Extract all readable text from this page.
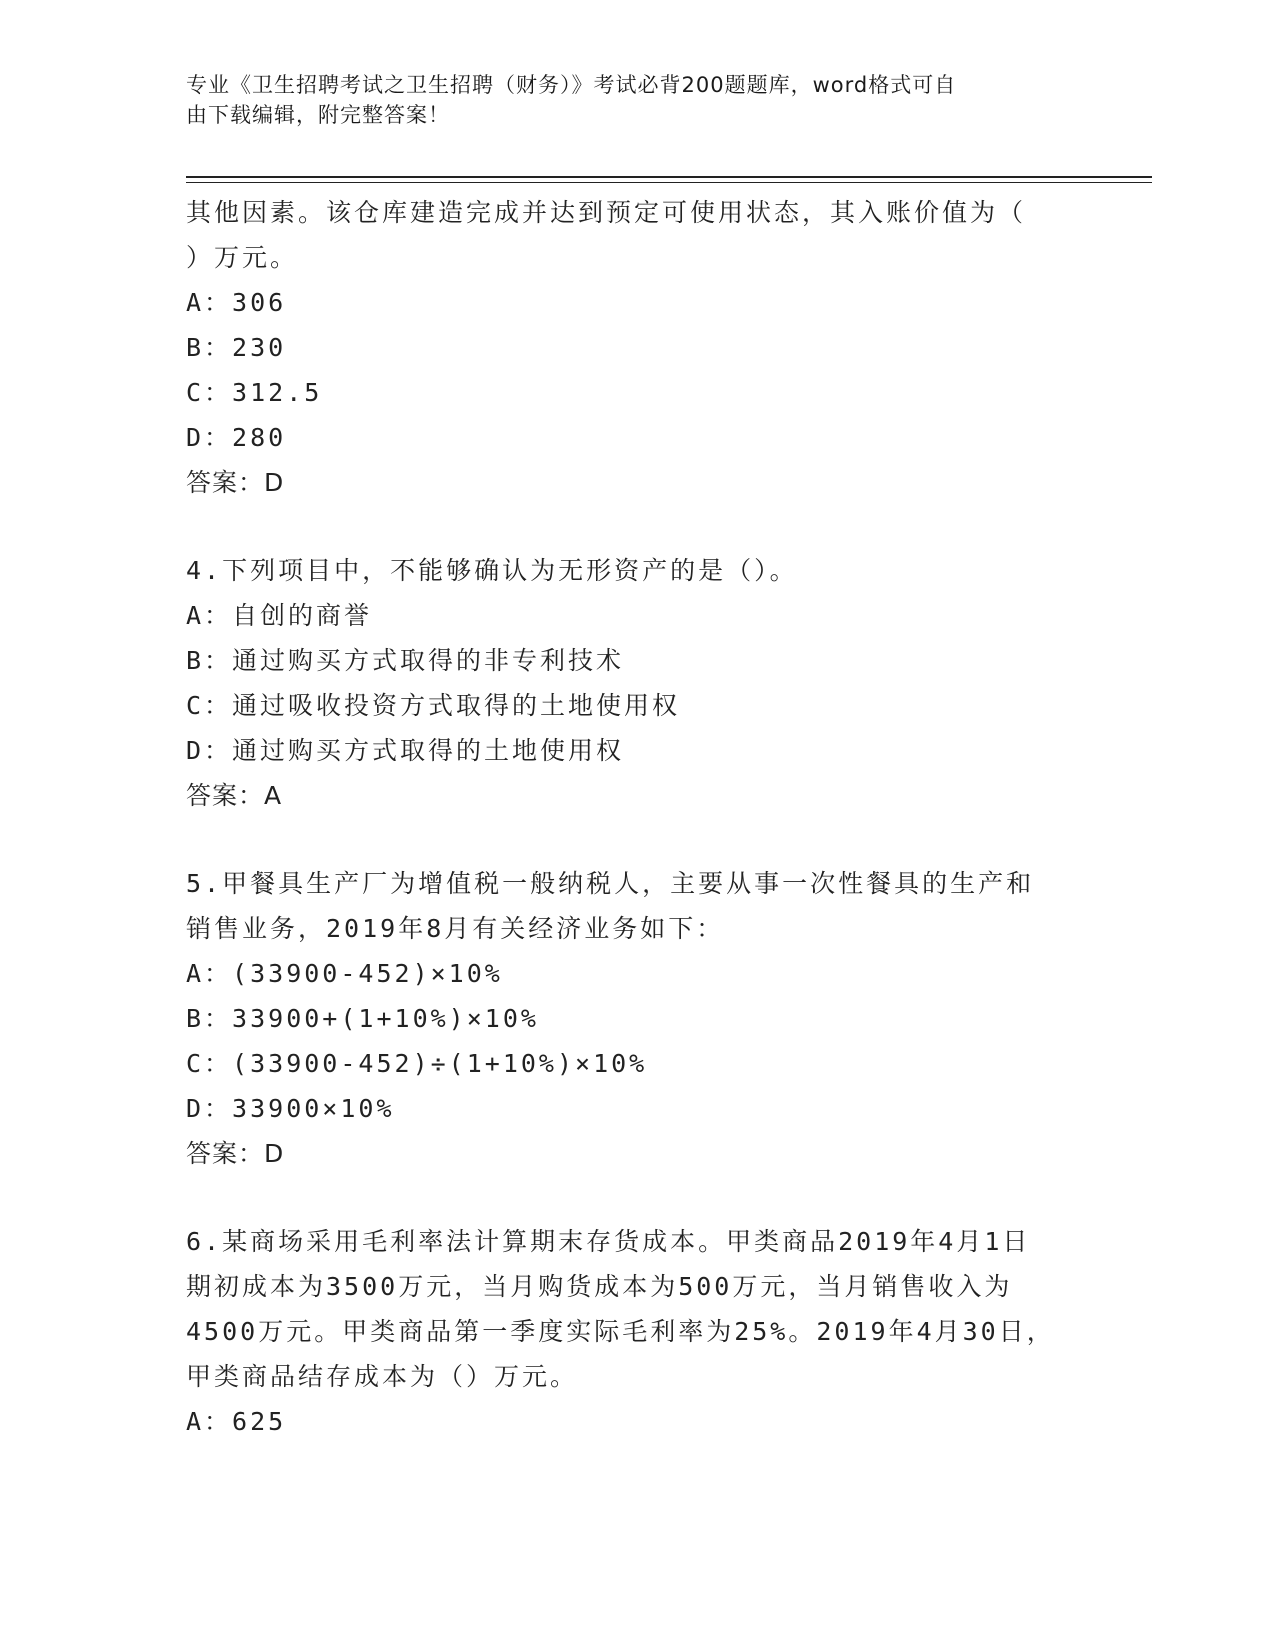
专业《卫生招聘考试之卫生招聘（财务）》考试必背200题题库，word格式可自
由下载编辑，附完整答案！
其他因素。该仓库建造完成并达到预定可使用状态，其入账价值为（
）万元。
A：306
B：230
C：312.5
D：280
答案：D
4.下列项目中，不能够确认为无形资产的是（）。
A：自创的商誉
B：通过购买方式取得的非专利技术
C：通过吸收投资方式取得的土地使用权
D：通过购买方式取得的土地使用权
答案：A
5.甲餐具生产厂为增值税一般纳税人，主要从事一次性餐具的生产和
销售业务，2019年8月有关经济业务如下：
A：(33900-452)×10%
B：33900+(1+10%)×10%
C：(33900-452)÷(1+10%)×10%
D：33900×10%
答案：D
6.某商场采用毛利率法计算期末存货成本。甲类商品2019年4月1日
期初成本为3500万元，当月购货成本为500万元，当月销售收入为
4500万元。甲类商品第一季度实际毛利率为25%。2019年4月30日，
甲类商品结存成本为（）万元。
A：625
